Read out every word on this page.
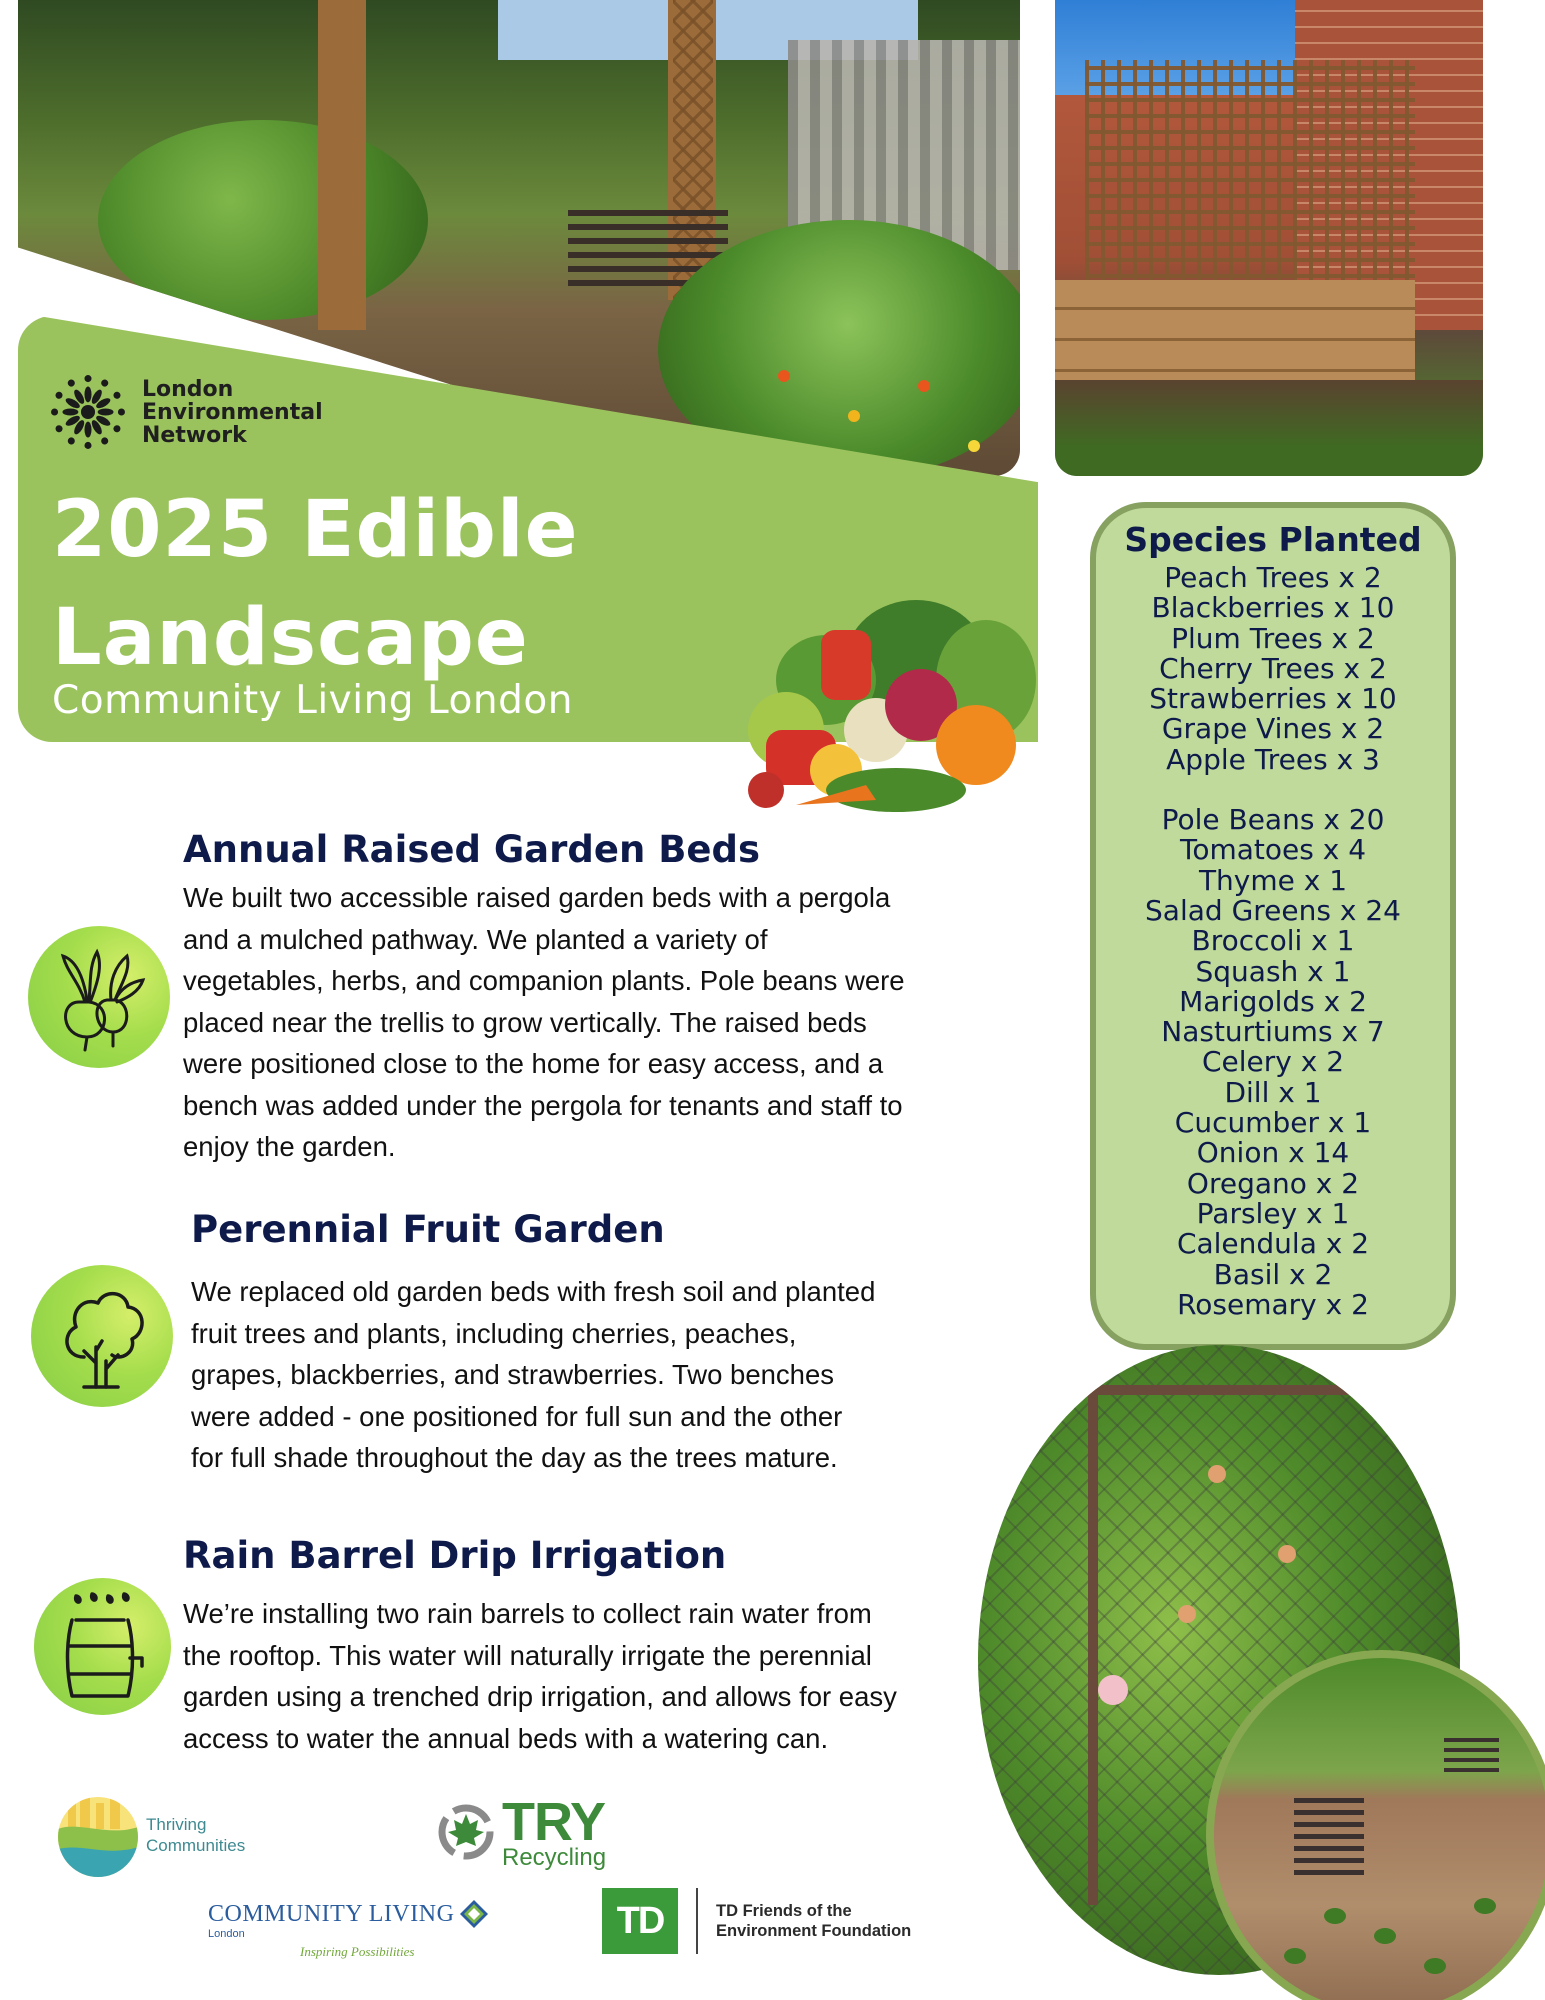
London
Environmental
Network
2025 Edible
Landscape
Community Living London
Species Planted
Peach Trees x 2
Blackberries x 10
Plum Trees x 2
Cherry Trees x 2
Strawberries x 10
Grape Vines x 2
Apple Trees x 3
Pole Beans x 20
Tomatoes x 4
Thyme x 1
Salad Greens x 24
Broccoli x 1
Squash x 1
Marigolds x 2
Nasturtiums x 7
Celery x 2
Dill x 1
Cucumber x 1
Onion x 14
Oregano x 2
Parsley x 1
Calendula x 2
Basil x 2
Rosemary x 2
Annual Raised Garden Beds

We built two accessible raised garden beds with a pergola
and a mulched pathway. We planted a variety of
vegetables, herbs, and companion plants. Pole beans were
placed near the trellis to grow vertically. The raised beds
were positioned close to the home for easy access, and a
bench was added under the pergola for tenants and staff to
enjoy the garden.

Perennial Fruit Garden

We replaced old garden beds with fresh soil and planted
fruit trees and plants, including cherries, peaches,
grapes, blackberries, and strawberries. Two benches
were added - one positioned for full sun and the other
for full shade throughout the day as the trees mature.

Rain Barrel Drip Irrigation

We’re installing two rain barrels to collect rain water from
the rooftop. This water will naturally irrigate the perennial
garden using a trenched drip irrigation, and allows for easy
access to water the annual beds with a watering can.

Thriving
Communities	TRY
Recycling
COMMUNITY LIVING
London
Inspiring Possibilities
TD	TD Friends of the
Environment Foundation
